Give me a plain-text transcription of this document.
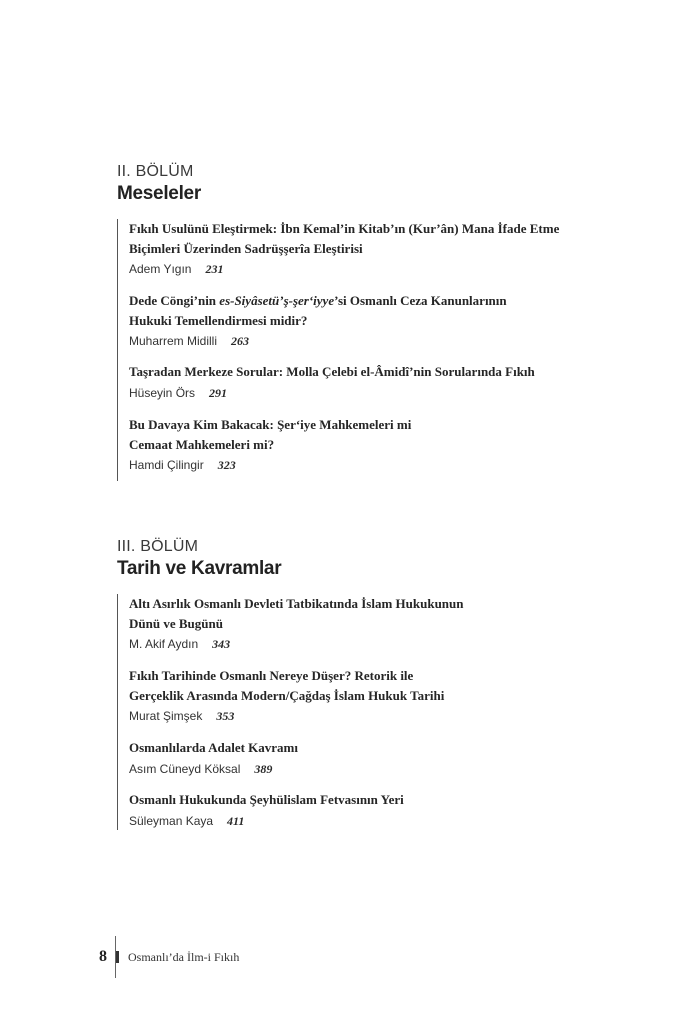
II. BÖLÜM
Meseleler
Fıkıh Usulünü Eleştirmek: İbn Kemal’in Kitab’ın (Kur’ân) Mana İfade Etme
Biçimleri Üzerinden Sadrüşşerîa Eleştirisi
Adem Yıgın 231
Dede Cöngi’nin es-Siyâsetü’ş-şer‘iyye’si Osmanlı Ceza Kanunlarının
Hukuki Temellendirmesi midir?
Muharrem Midilli 263
Taşradan Merkeze Sorular: Molla Çelebi el-Âmidî’nin Sorularında Fıkıh
Hüseyin Örs 291
Bu Davaya Kim Bakacak: Şer‘iye Mahkemeleri mi
Cemaat Mahkemeleri mi?
Hamdi Çilingir 323
III. BÖLÜM
Tarih ve Kavramlar
Altı Asırlık Osmanlı Devleti Tatbikatında İslam Hukukunun
Dünü ve Bugünü
M. Akif Aydın 343
Fıkıh Tarihinde Osmanlı Nereye Düşer? Retorik ile
Gerçeklik Arasında Modern/Çağdaş İslam Hukuk Tarihi
Murat Şimşek 353
Osmanlılarda Adalet Kavramı
Asım Cüneyd Köksal 389
Osmanlı Hukukunda Şeyhülislam Fetvasının Yeri
Süleyman Kaya 411
8 Osmanlı’da İlm-i Fıkıh
